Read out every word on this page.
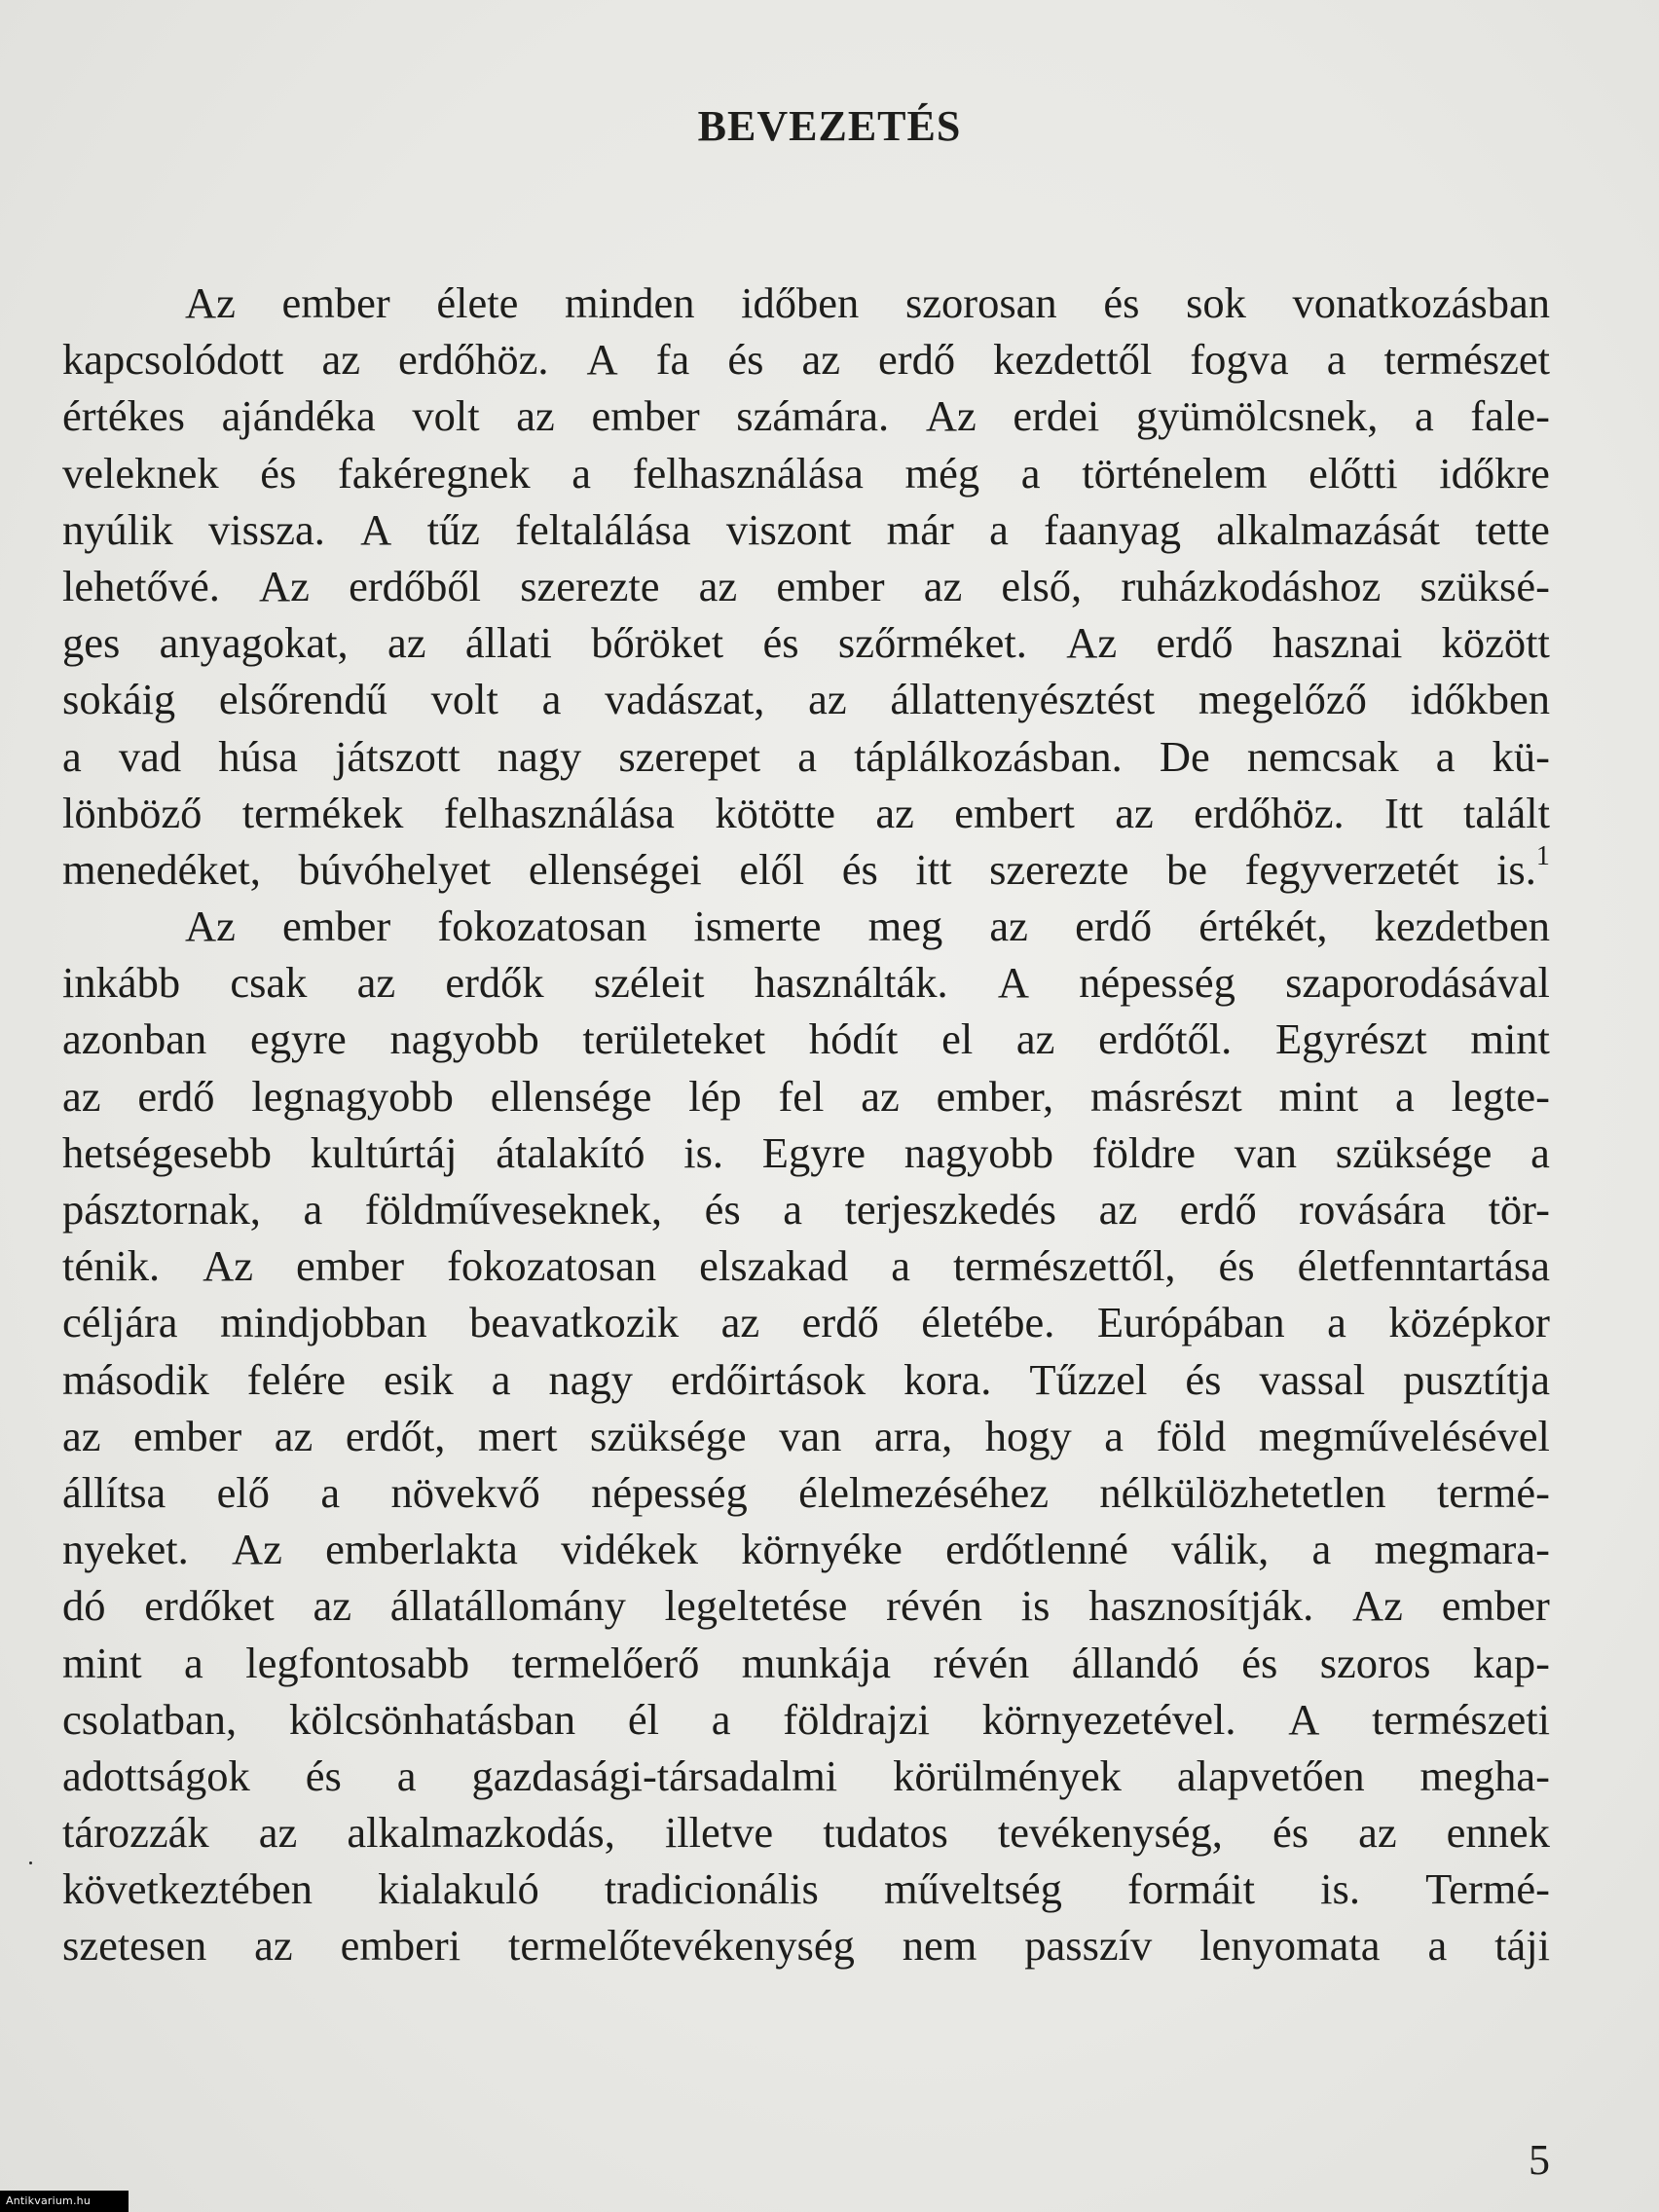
BEVEZETÉS
Az ember élete minden időben szorosan és sok vonatkozásban
kapcsolódott az erdőhöz. A fa és az erdő kezdettől fogva a természet
értékes ajándéka volt az ember számára. Az erdei gyümölcsnek, a fale-
veleknek és fakéregnek a felhasználása még a történelem előtti időkre
nyúlik vissza. A tűz feltalálása viszont már a faanyag alkalmazását tette
lehetővé. Az erdőből szerezte az ember az első, ruházkodáshoz szüksé-
ges anyagokat, az állati bőröket és szőrméket. Az erdő hasznai között
sokáig elsőrendű volt a vadászat, az állattenyésztést megelőző időkben
a vad húsa játszott nagy szerepet a táplálkozásban. De nemcsak a kü-
lönböző termékek felhasználása kötötte az embert az erdőhöz. Itt talált
menedéket, búvóhelyet ellenségei elől és itt szerezte be fegyverzetét is.$^1$
Az ember fokozatosan ismerte meg az erdő értékét, kezdetben
inkább csak az erdők széleit használták. A népesség szaporodásával
azonban egyre nagyobb területeket hódít el az erdőtől. Egyrészt mint
az erdő legnagyobb ellensége lép fel az ember, másrészt mint a legte-
hetségesebb kultúrtáj átalakító is. Egyre nagyobb földre van szüksége a
pásztornak, a földműveseknek, és a terjeszkedés az erdő rovására tör-
ténik. Az ember fokozatosan elszakad a természettől, és életfenntartása
céljára mindjobban beavatkozik az erdő életébe. Európában a középkor
második felére esik a nagy erdőirtások kora. Tűzzel és vassal pusztítja
az ember az erdőt, mert szüksége van arra, hogy a föld megművelésével
állítsa elő a növekvő népesség élelmezéséhez nélkülözhetetlen termé-
nyeket. Az emberlakta vidékek környéke erdőtlenné válik, a megmara-
dó erdőket az állatállomány legeltetése révén is hasznosítják. Az ember
mint a legfontosabb termelőerő munkája révén állandó és szoros kap-
csolatban, kölcsönhatásban él a földrajzi környezetével. A természeti
adottságok és a gazdasági-társadalmi körülmények alapvetően megha-
tározzák az alkalmazkodás, illetve tudatos tevékenység, és az ennek
következtében kialakuló tradicionális műveltség formáit is. Termé-
szetesen az emberi termelőtevékenység nem passzív lenyomata a táji
5
Antikvarium.hu
